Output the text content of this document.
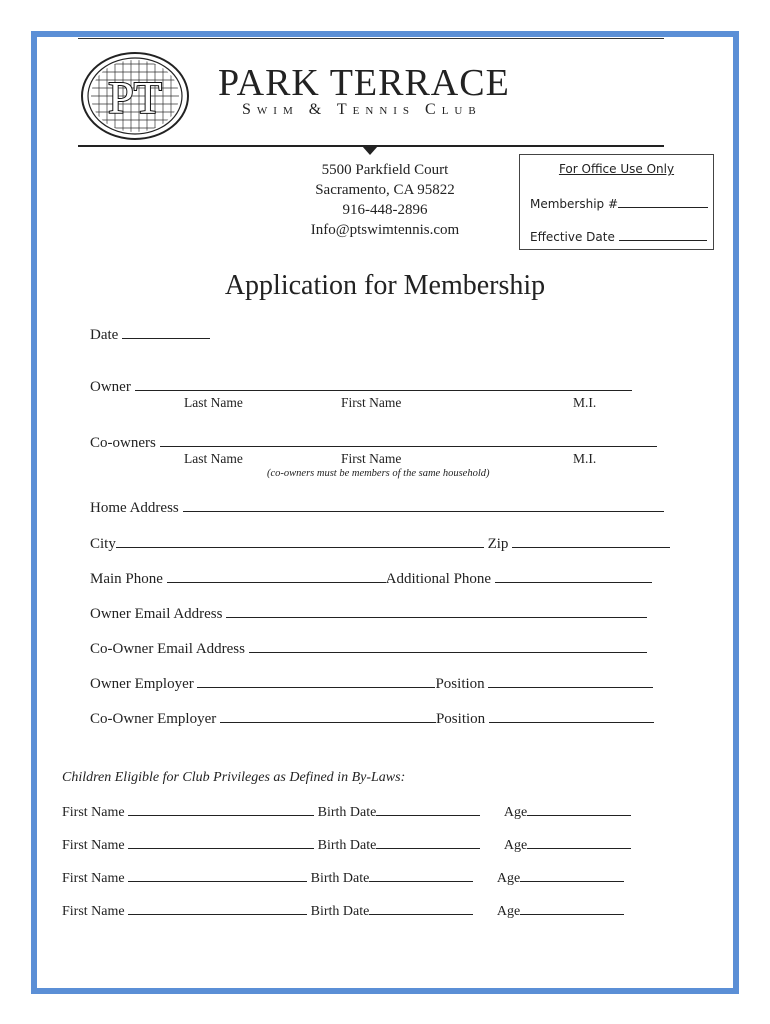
PT PARK TERRACE
Swim & Tennis Club
5500 Parkfield Court
Sacramento, CA 95822
916-448-2896
Info@ptswimtennis.com
For Office Use Only
Membership #
Effective Date
Application for Membership
Date
Owner
Last Name	First Name	M.I.
Co-owners
Last Name	First Name	M.I.
(co-owners must be members of the same household)
Home Address
City	Zip
Main Phone	Additional Phone
Owner Email Address
Co-Owner Email Address
Owner Employer	Position
Co-Owner Employer	Position
Children Eligible for Club Privileges as Defined in By-Laws:
First Name	Birth Date	Age
First Name	Birth Date	Age
First Name	Birth Date	Age
First Name	Birth Date	Age
